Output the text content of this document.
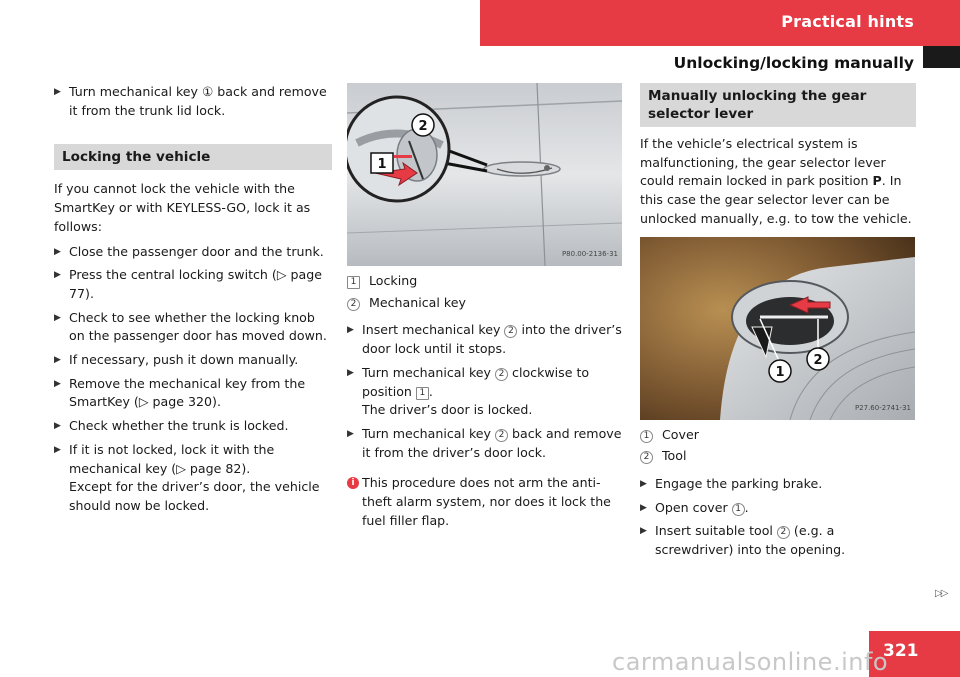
Practical hints
Unlocking/locking manually
▶ Turn mechanical key ① back and remove it from the trunk lid lock.
Locking the vehicle

If you cannot lock the vehicle with the SmartKey or with KEYLESS-GO, lock it as follows:

▶ Close the passenger door and the trunk.
▶ Press the central locking switch (▷ page 77).
▶ Check to see whether the locking knob on the passenger door has moved down.
▶ If necessary, push it down manually.
▶ Remove the mechanical key from the SmartKey (▷ page 320).
▶ Check whether the trunk is locked.
▶ If it is not locked, lock it with the mechanical key (▷ page 82).
Except for the driver’s door, the vehicle should now be locked.
2
1
P80.00-2136-31
1 Locking
2 Mechanical key
▶ Insert mechanical key 2 into the driver’s door lock until it stops.
▶ Turn mechanical key 2 clockwise to position 1 .
The driver’s door is locked.
▶ Turn mechanical key 2 back and remove it from the driver’s door lock.
i This procedure does not arm the anti-theft alarm system, nor does it lock the fuel filler flap.
Manually unlocking the gear selector lever

If the vehicle’s electrical system is malfunctioning, the gear selector lever could remain locked in park position P. In this case the gear selector lever can be unlocked manually, e.g. to tow the vehicle.

1
2
P27.60-2741-31
1 Cover
2 Tool
▶ Engage the parking brake.
▶ Open cover 1 .
▶ Insert suitable tool 2 (e.g. a screwdriver) into the opening.
▷▷
321
carmanualsonline.info
